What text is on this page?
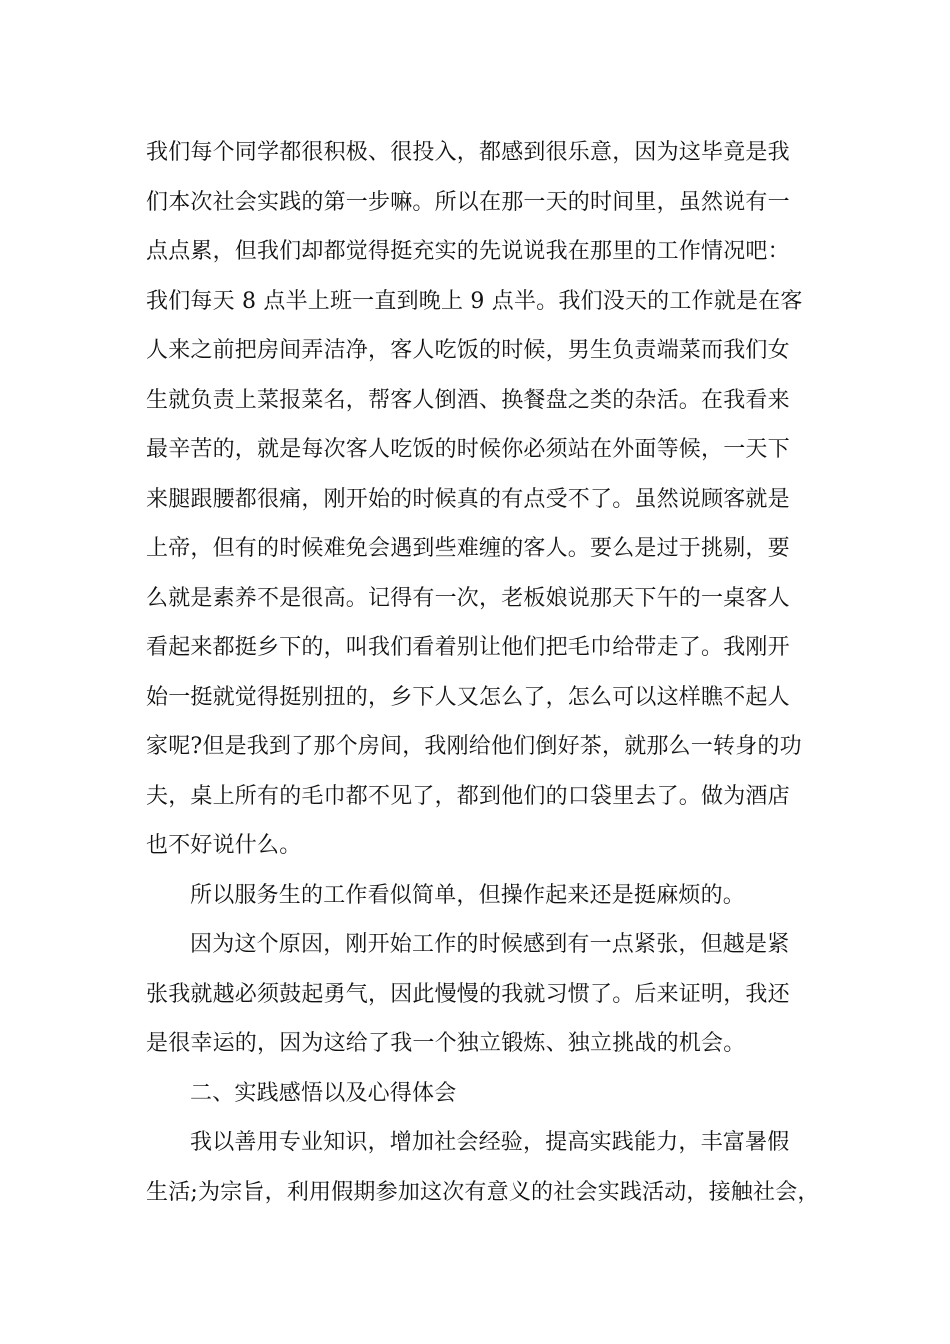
我们每个同学都很积极、很投入，都感到很乐意，因为这毕竟是我
们本次社会实践的第一步嘛。所以在那一天的时间里，虽然说有一
点点累，但我们却都觉得挺充实的先说说我在那里的工作情况吧：
我们每天 8 点半上班一直到晚上 9 点半。我们没天的工作就是在客
人来之前把房间弄洁净，客人吃饭的时候，男生负责端菜而我们女
生就负责上菜报菜名，帮客人倒酒、换餐盘之类的杂活。在我看来
最辛苦的，就是每次客人吃饭的时候你必须站在外面等候，一天下
来腿跟腰都很痛，刚开始的时候真的有点受不了。虽然说顾客就是
上帝，但有的时候难免会遇到些难缠的客人。要么是过于挑剔，要
么就是素养不是很高。记得有一次，老板娘说那天下午的一桌客人
看起来都挺乡下的，叫我们看着别让他们把毛巾给带走了。我刚开
始一挺就觉得挺别扭的，乡下人又怎么了，怎么可以这样瞧不起人
家呢?但是我到了那个房间，我刚给他们倒好茶，就那么一转身的功
夫，桌上所有的毛巾都不见了，都到他们的口袋里去了。做为酒店
也不好说什么。
所以服务生的工作看似简单，但操作起来还是挺麻烦的。
因为这个原因，刚开始工作的时候感到有一点紧张，但越是紧
张我就越必须鼓起勇气，因此慢慢的我就习惯了。后来证明，我还
是很幸运的，因为这给了我一个独立锻炼、独立挑战的机会。
二、实践感悟以及心得体会
我以善用专业知识，增加社会经验，提高实践能力，丰富暑假
生活;为宗旨，利用假期参加这次有意义的社会实践活动，接触社会，
